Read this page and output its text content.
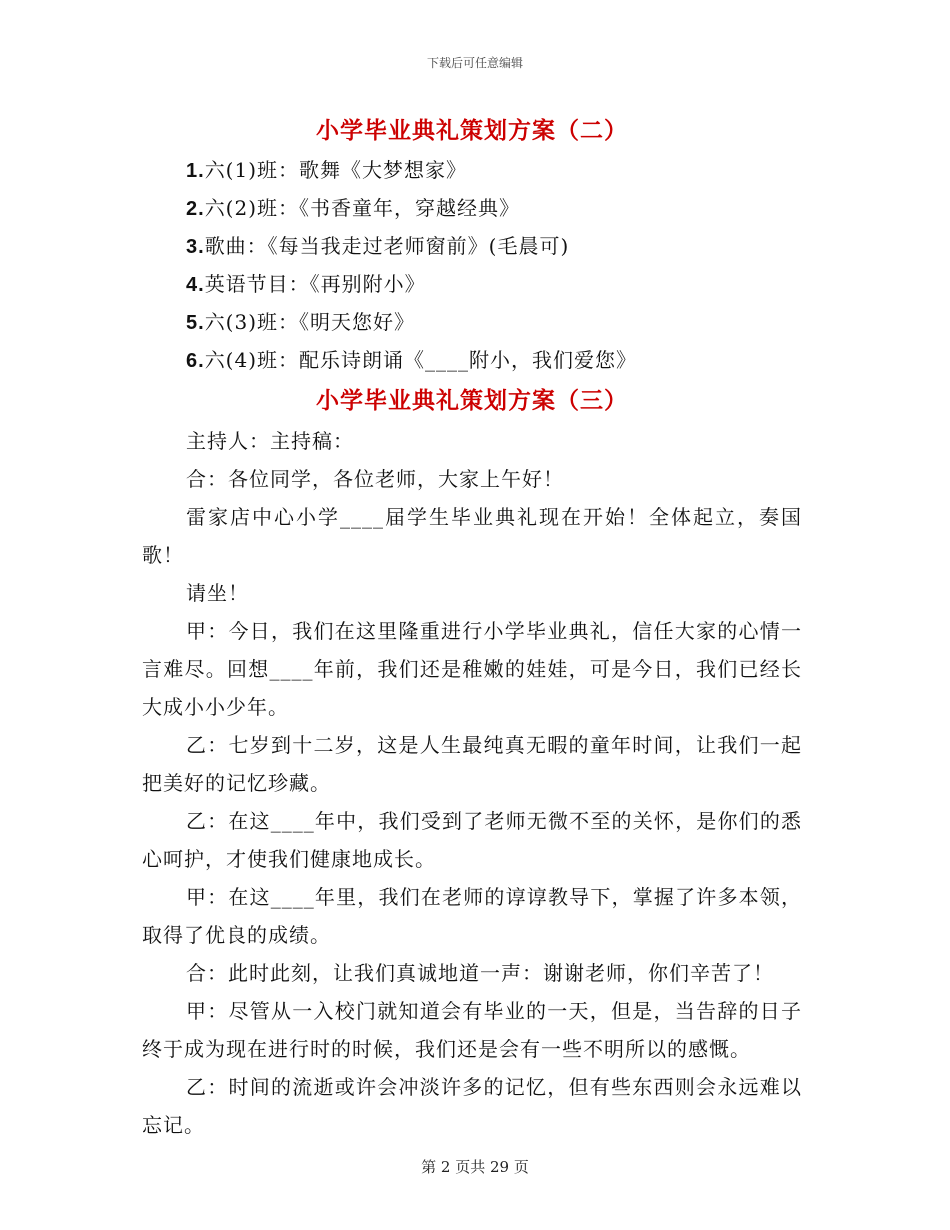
下载后可任意编辑
小学毕业典礼策划方案（二）
1.六(1)班：歌舞《大梦想家》
2.六(2)班：《书香童年，穿越经典》
3.歌曲：《每当我走过老师窗前》(毛晨可)
4.英语节目：《再别附小》
5.六(3)班：《明天您好》
6.六(4)班：配乐诗朗诵《____附小，我们爱您》
小学毕业典礼策划方案（三）

主持人：主持稿：

合：各位同学，各位老师，大家上午好！

雷家店中心小学____届学生毕业典礼现在开始！全体起立，奏国歌！

请坐！

甲：今日，我们在这里隆重进行小学毕业典礼，信任大家的心情一言难尽。回想____年前，我们还是稚嫩的娃娃，可是今日，我们已经长大成小小少年。

乙：七岁到十二岁，这是人生最纯真无暇的童年时间，让我们一起把美好的记忆珍藏。

乙：在这____年中，我们受到了老师无微不至的关怀，是你们的悉心呵护，才使我们健康地成长。

甲：在这____年里，我们在老师的谆谆教导下，掌握了许多本领，取得了优良的成绩。

合：此时此刻，让我们真诚地道一声：谢谢老师，你们辛苦了！

甲：尽管从一入校门就知道会有毕业的一天，但是，当告辞的日子终于成为现在进行时的时候，我们还是会有一些不明所以的感慨。

乙：时间的流逝或许会冲淡许多的记忆，但有些东西则会永远难以忘记。

第 2 页共 29 页
